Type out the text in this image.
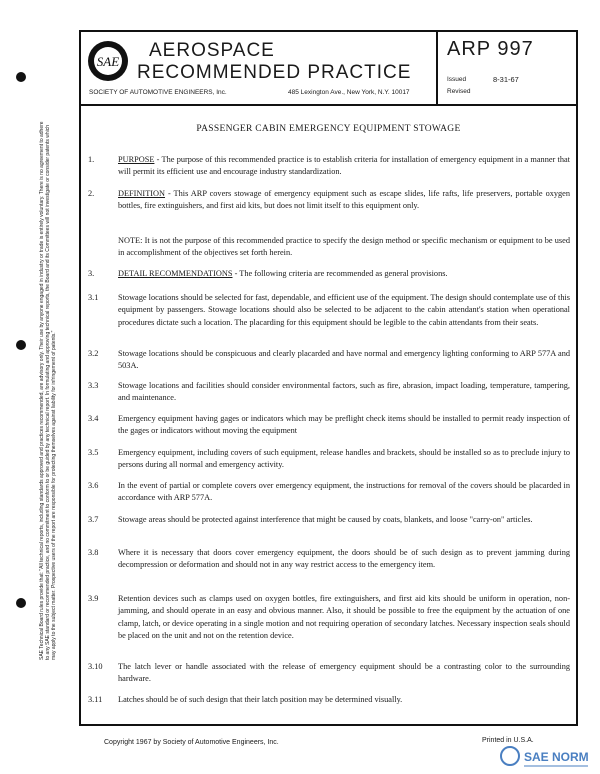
SAE
AEROSPACE
RECOMMENDED PRACTICE
SOCIETY OF AUTOMOTIVE ENGINEERS, Inc.	485 Lexington Ave., New York, N.Y. 10017
ARP 997
Issued	8-31-67
Revised
SAE Technical Board rules provide that: "All technical reports, including standards approved and practices recommended, are advisory only. Their use by anyone engaged in industry or trade is entirely voluntary. There is no agreement to adhere to any SAE standard or recommended practice, and no commitment to conform to or be guided by any technical report. In formulating and approving technical reports, the Board and its Committees will not investigate or consider patents which may apply to the subject matter. Prospective users of the report are responsible for protecting themselves against liability for infringement of patents."
PASSENGER CABIN EMERGENCY EQUIPMENT STOWAGE
1.	PURPOSE - The purpose of this recommended practice is to establish criteria for installation of emergency equipment in a manner that will permit its efficient use and encourage industry standardization.
2.	DEFINITION - This ARP covers stowage of emergency equipment such as escape slides, life rafts, life preservers, portable oxygen bottles, fire extinguishers, and first aid kits, but does not limit itself to this equipment only.
NOTE: It is not the purpose of this recommended practice to specify the design method or specific mechanism or equipment to be used in accomplishment of the objectives set forth herein.
3.	DETAIL RECOMMENDATIONS - The following criteria are recommended as general provisions.
3.1 Stowage locations should be selected for fast, dependable, and efficient use of the equipment. The design should contemplate use of this equipment by passengers. Stowage locations should also be selected to be adjacent to the cabin attendant's station when operational procedures dictate such a location. The placarding for this equipment should be legible to the cabin attendants from their seats.
3.2 Stowage locations should be conspicuous and clearly placarded and have normal and emergency lighting conforming to ARP 577A and 503A.
3.3 Stowage locations and facilities should consider environmental factors, such as fire, abrasion, impact loading, temperature, tampering, and maintenance.
3.4 Emergency equipment having gages or indicators which may be preflight check items should be installed to permit ready inspection of the gages or indicators without moving the equipment
3.5 Emergency equipment, including covers of such equipment, release handles and brackets, should be installed so as to preclude injury to persons during all normal and emergency activity.
3.6 In the event of partial or complete covers over emergency equipment, the instructions for removal of the covers should be placarded in accordance with ARP 577A.
3.7 Stowage areas should be protected against interference that might be caused by coats, blankets, and loose "carry-on" articles.
3.8 Where it is necessary that doors cover emergency equipment, the doors should be of such design as to prevent jamming during decompression or deformation and should not in any way restrict access to the emergency item.
3.9 Retention devices such as clamps used on oxygen bottles, fire extinguishers, and first aid kits should be uniform in operation, non-jamming, and should operate in an easy and obvious manner. Also, it should be possible to free the equipment by the actuation of one clamp, latch, or device operating in a single motion and not requiring operation of secondary latches. Necessary inspection seals should be placed on the unit and not on the retention device.
3.10 The latch lever or handle associated with the release of emergency equipment should be a contrasting color to the surrounding hardware.
3.11 Latches should be of such design that their latch position may be determined visually.
Copyright 1967 by Society of Automotive Engineers, Inc.	Printed in U.S.A.
SAE NORM
